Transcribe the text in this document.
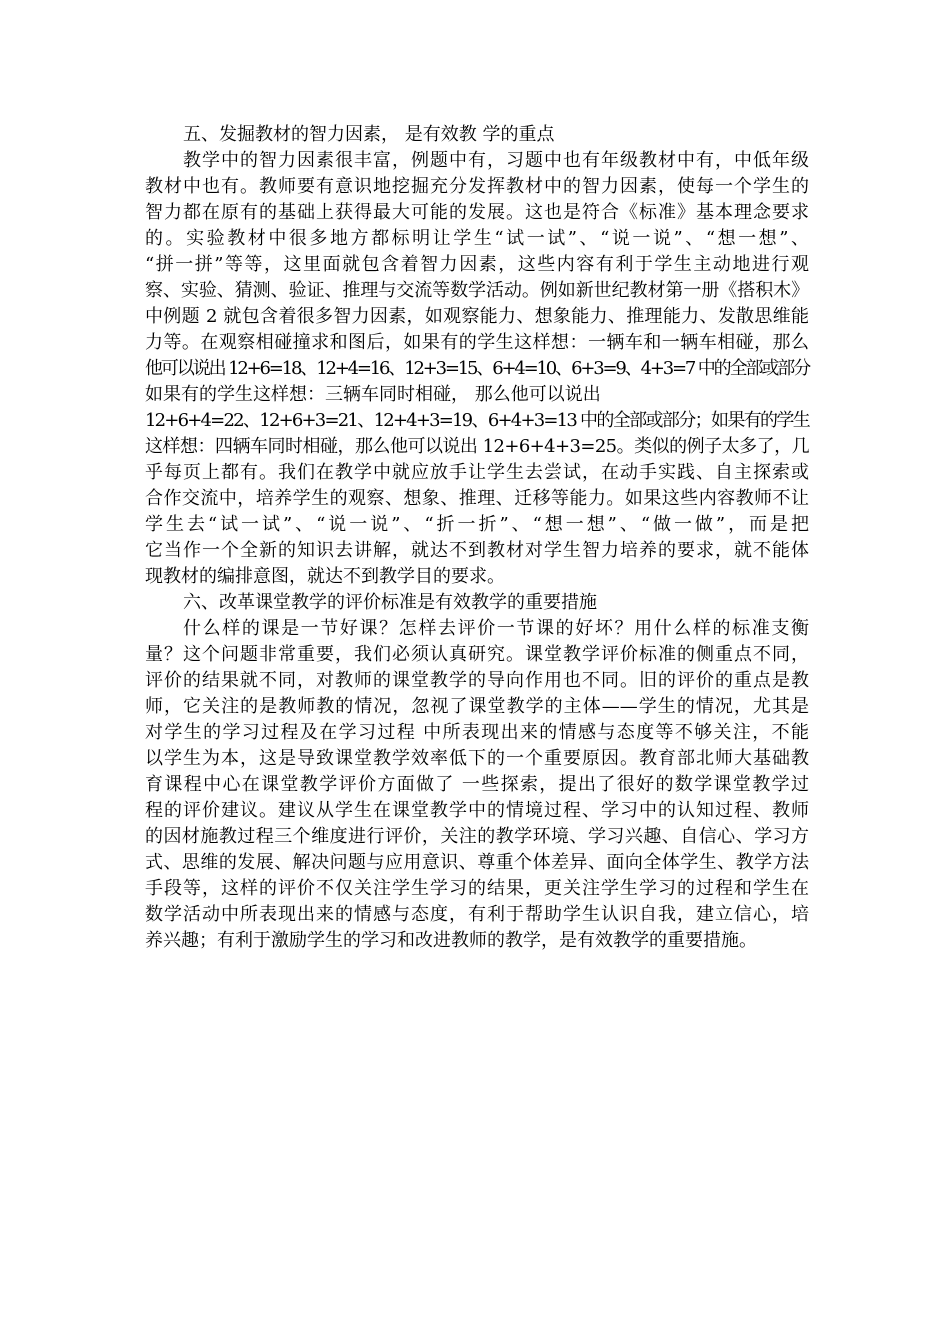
五、发掘教材的智力因素， 是有效教 学的重点
教学中的智力因素很丰富，例题中有，习题中也有年级教材中有，中低年级
教材中也有。教师要有意识地挖掘充分发挥教材中的智力因素，使每一个学生的
智力都在原有的基础上获得最大可能的发展。这也是符合《标准》基本理念要求
的。实验教材中很多地方都标明让学生“试一试”、“说一说”、“想一想”、
“拼一拼”等等，这里面就包含着智力因素，这些内容有利于学生主动地进行观
察、实验、猜测、验证、推理与交流等数学活动。例如新世纪教材第一册《搭积木》
中例题 2 就包含着很多智力因素，如观察能力、想象能力、推理能力、发散思维能
力等。在观察相碰撞求和图后，如果有的学生这样想：一辆车和一辆车相碰，那么
他可以说出 12+6=18、12+4=16、12+3=15、6+4=10、6+3=9、4+3=7 中的全部或部分
如果有的学生这样想：三辆车同时相碰， 那么他可以说出
12+6+4=22、12+6+3=21、12+4+3=19、6+4+3=13 中的全部或部分；如果有的学生
这样想：四辆车同时相碰，那么他可以说出 12+6+4+3=25。类似的例子太多了，几
乎每页上都有。我们在教学中就应放手让学生去尝试，在动手实践、自主探索或
合作交流中，培养学生的观察、想象、推理、迁移等能力。如果这些内容教师不让
学生去“试一试”、“说一说”、“折一折”、“想一想”、“做一做”，而是把
它当作一个全新的知识去讲解，就达不到教材对学生智力培养的要求，就不能体
现教材的编排意图，就达不到教学目的要求。
六、改革课堂教学的评价标准是有效教学的重要措施
什么样的课是一节好课？怎样去评价一节课的好坏？用什么样的标准支衡
量？这个问题非常重要，我们必须认真研究。课堂教学评价标准的侧重点不同，
评价的结果就不同，对教师的课堂教学的导向作用也不同。旧的评价的重点是教
师，它关注的是教师教的情况，忽视了课堂教学的主体——学生的情况，尤其是
对学生的学习过程及在学习过程 中所表现出来的情感与态度等不够关注，不能
以学生为本，这是导致课堂教学效率低下的一个重要原因。教育部北师大基础教
育课程中心在课堂教学评价方面做了 一些探索，提出了很好的数学课堂教学过
程的评价建议。建议从学生在课堂教学中的情境过程、学习中的认知过程、教师
的因材施教过程三个维度进行评价，关注的教学环境、学习兴趣、自信心、学习方
式、思维的发展、解决问题与应用意识、尊重个体差异、面向全体学生、教学方法
手段等，这样的评价不仅关注学生学习的结果，更关注学生学习的过程和学生在
数学活动中所表现出来的情感与态度，有利于帮助学生认识自我，建立信心，培
养兴趣；有利于激励学生的学习和改进教师的教学，是有效教学的重要措施。
